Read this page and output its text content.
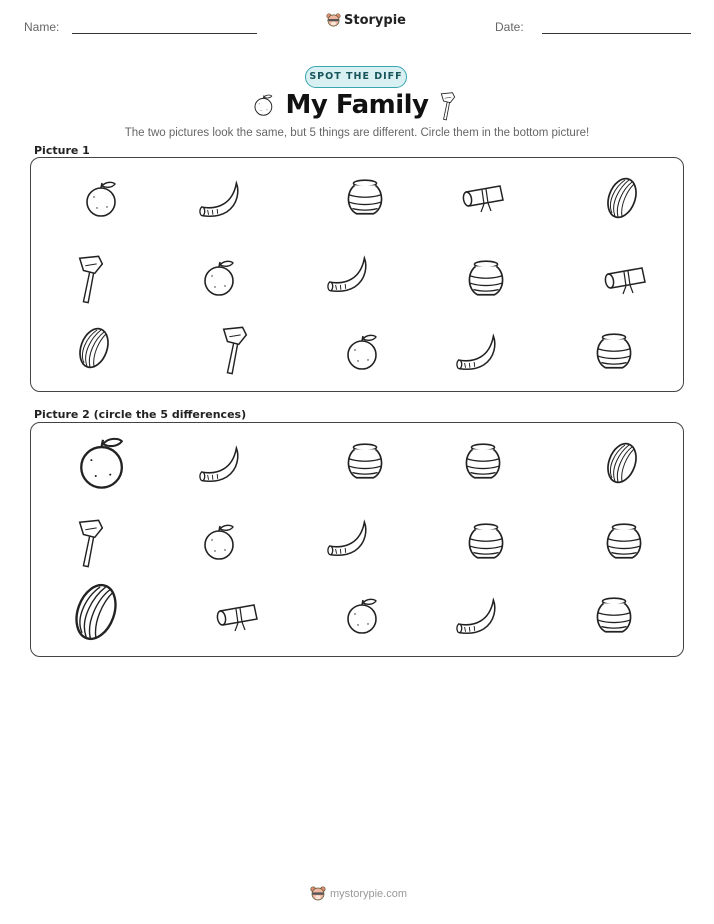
Name:	Storypie	Date:
SPOT THE DIFF
My Family
The two pictures look the same, but 5 things are different. Circle them in the bottom picture!
Picture 1
Picture 2 (circle the 5 differences)
mystorypie.com
